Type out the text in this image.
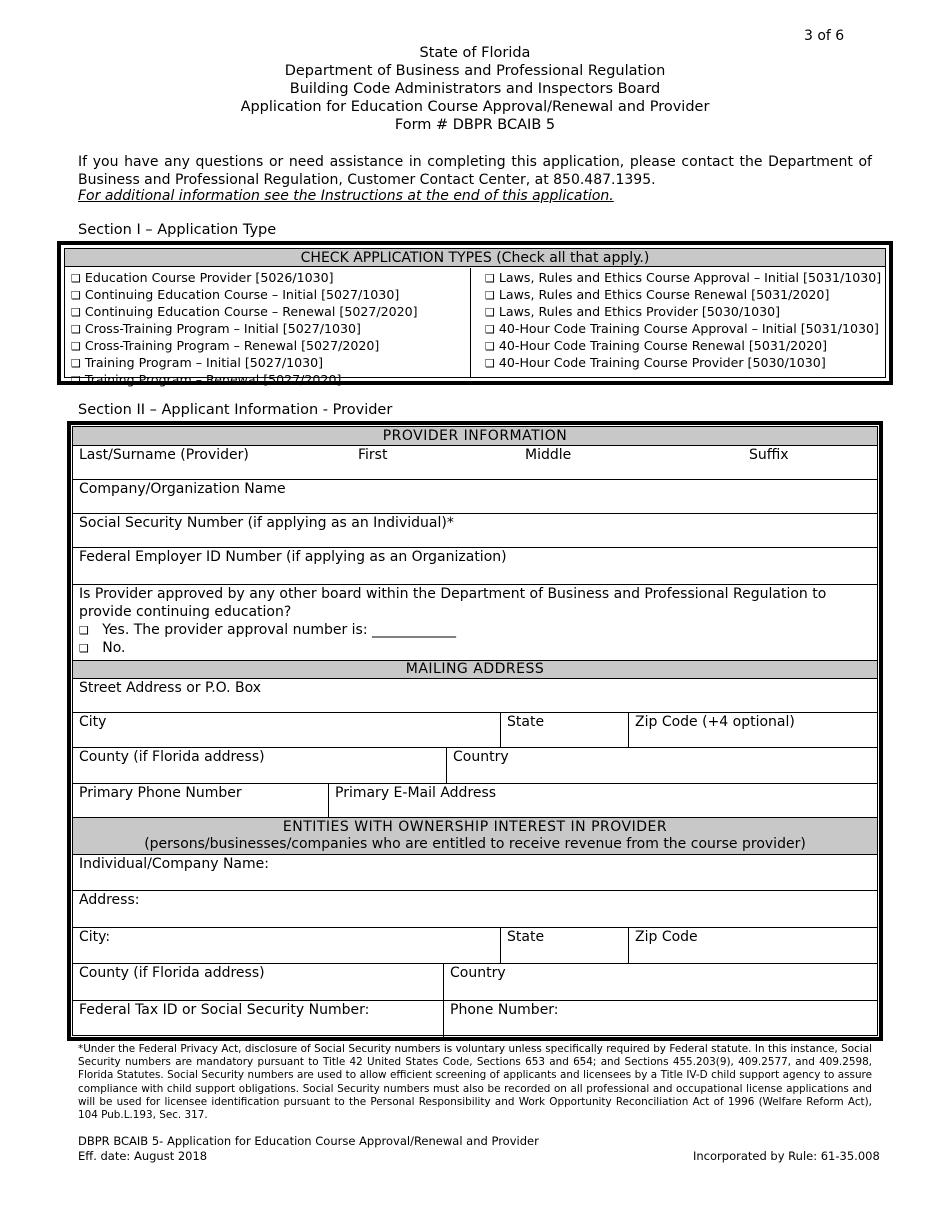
3 of 6
State of Florida
Department of Business and Professional Regulation
Building Code Administrators and Inspectors Board
Application for Education Course Approval/Renewal and Provider
Form # DBPR BCAIB 5
If you have any questions or need assistance in completing this application, please contact the Department of Business and Professional Regulation, Customer Contact Center, at 850.487.1395.
For additional information see the Instructions at the end of this application.
Section I – Application Type
CHECK APPLICATION TYPES (Check all that apply.)
❑ Education Course Provider [5026/1030]
❑ Continuing Education Course – Initial [5027/1030]
❑ Continuing Education Course – Renewal [5027/2020]
❑ Cross-Training Program – Initial [5027/1030]
❑ Cross-Training Program – Renewal [5027/2020]
❑ Training Program – Initial [5027/1030]
❑ Training Program – Renewal [5027/2020]
❑ Laws, Rules and Ethics Course Approval – Initial [5031/1030]
❑ Laws, Rules and Ethics Course Renewal [5031/2020]
❑ Laws, Rules and Ethics Provider [5030/1030]
❑ 40-Hour Code Training Course Approval – Initial [5031/1030]
❑ 40-Hour Code Training Course Renewal [5031/2020]
❑ 40-Hour Code Training Course Provider [5030/1030]
Section II – Applicant Information - Provider
PROVIDER INFORMATION
Last/Surname (Provider)	First	Middle	Suffix
Company/Organization Name
Social Security Number (if applying as an Individual)*
Federal Employer ID Number (if applying as an Organization)
Is Provider approved by any other board within the Department of Business and Professional Regulation to provide continuing education?
❑ Yes. The provider approval number is: ____________
❑ No.
MAILING ADDRESS
Street Address or P.O. Box
City	State	Zip Code (+4 optional)
County (if Florida address)	Country
Primary Phone Number	Primary E-Mail Address
ENTITIES WITH OWNERSHIP INTEREST IN PROVIDER
(persons/businesses/companies who are entitled to receive revenue from the course provider)
Individual/Company Name:
Address:
City:	State	Zip Code
County (if Florida address)	Country
Federal Tax ID or Social Security Number:	Phone Number:
*Under the Federal Privacy Act, disclosure of Social Security numbers is voluntary unless specifically required by Federal statute. In this instance, Social Security numbers are mandatory pursuant to Title 42 United States Code, Sections 653 and 654; and Sections 455.203(9), 409.2577, and 409.2598, Florida Statutes. Social Security numbers are used to allow efficient screening of applicants and licensees by a Title IV-D child support agency to assure compliance with child support obligations. Social Security numbers must also be recorded on all professional and occupational license applications and will be used for licensee identification pursuant to the Personal Responsibility and Work Opportunity Reconciliation Act of 1996 (Welfare Reform Act), 104 Pub.L.193, Sec. 317.
DBPR BCAIB 5- Application for Education Course Approval/Renewal and Provider
Eff. date: August 2018	Incorporated by Rule: 61-35.008
